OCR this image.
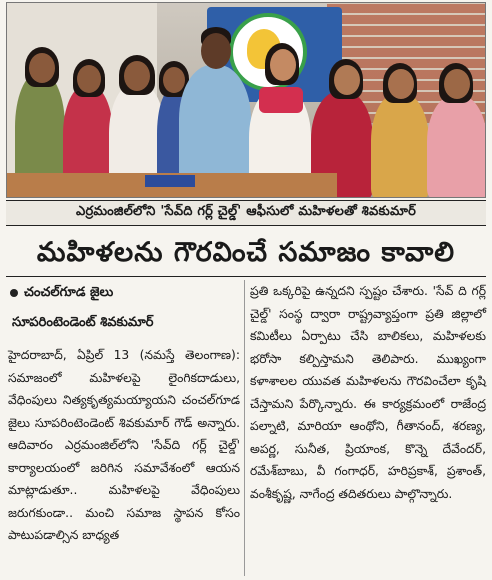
ఎర్రమంజిల్‌లోని 'సేవ్‌ది గర్ల్‌ చైల్డ్‌' ఆఫీసులో మహిళలతో శివకుమార్‌
మహిళలను గౌరవించే సమాజం కావాలి
చంచల్‌గూడ జైలు
సూపరింటెండెంట్‌ శివకుమార్‌

హైదరాబాద్‌, ఏప్రిల్‌ 13 (నమస్తే తెలంగాణ): సమాజంలో మహిళలపై లైంగికదాడులు, వేధింపులు నిత్యకృత్యమయ్యాయని చంచల్‌గూడ జైలు సూపరింటెండెంట్‌ శివకుమార్‌ గౌడ్‌ అన్నారు. ఆదివారం ఎర్రమంజిల్‌లోని 'సేవ్‌ది గర్ల్‌ చైల్డ్‌' కార్యాలయంలో జరిగిన సమావేశంలో ఆయన మాట్లాడుతూ.. మహిళలపై వేధింపులు జరుగకుండా.. మంచి సమాజ స్థాపన కోసం పాటుపడాల్సిన బాధ్యత

ప్రతి ఒక్కరిపై ఉన్నదని స్పష్టం చేశారు. 'సేవ్‌ ది గర్ల్‌ చైల్డ్‌' సంస్థ ద్వారా రాష్ట్రవ్యాప్తంగా ప్రతి జిల్లాలో కమిటీలు ఏర్పాటు చేసి బాలికలు, మహిళలకు భరోసా కల్పిస్తామని తెలిపారు. ముఖ్యంగా కళాశాలల యువత మహిళలను గౌరవించేలా కృషి చేస్తామని పేర్కొన్నారు. ఈ కార్యక్రమంలో రాజేంద్ర పల్నాటి, మారియా ఆంథోని, గీతానంద్‌, శరణ్య, అపర్ణ, సునీత, ప్రియాంక, కొన్నె దేవేందర్‌, రమేశ్‌బాబు, వీ గంగాధర్‌, హరిప్రకాశ్‌, ప్రశాంత్‌, వంశీకృష్ణ, నాగేంద్ర తదితరులు పాల్గొన్నారు.
